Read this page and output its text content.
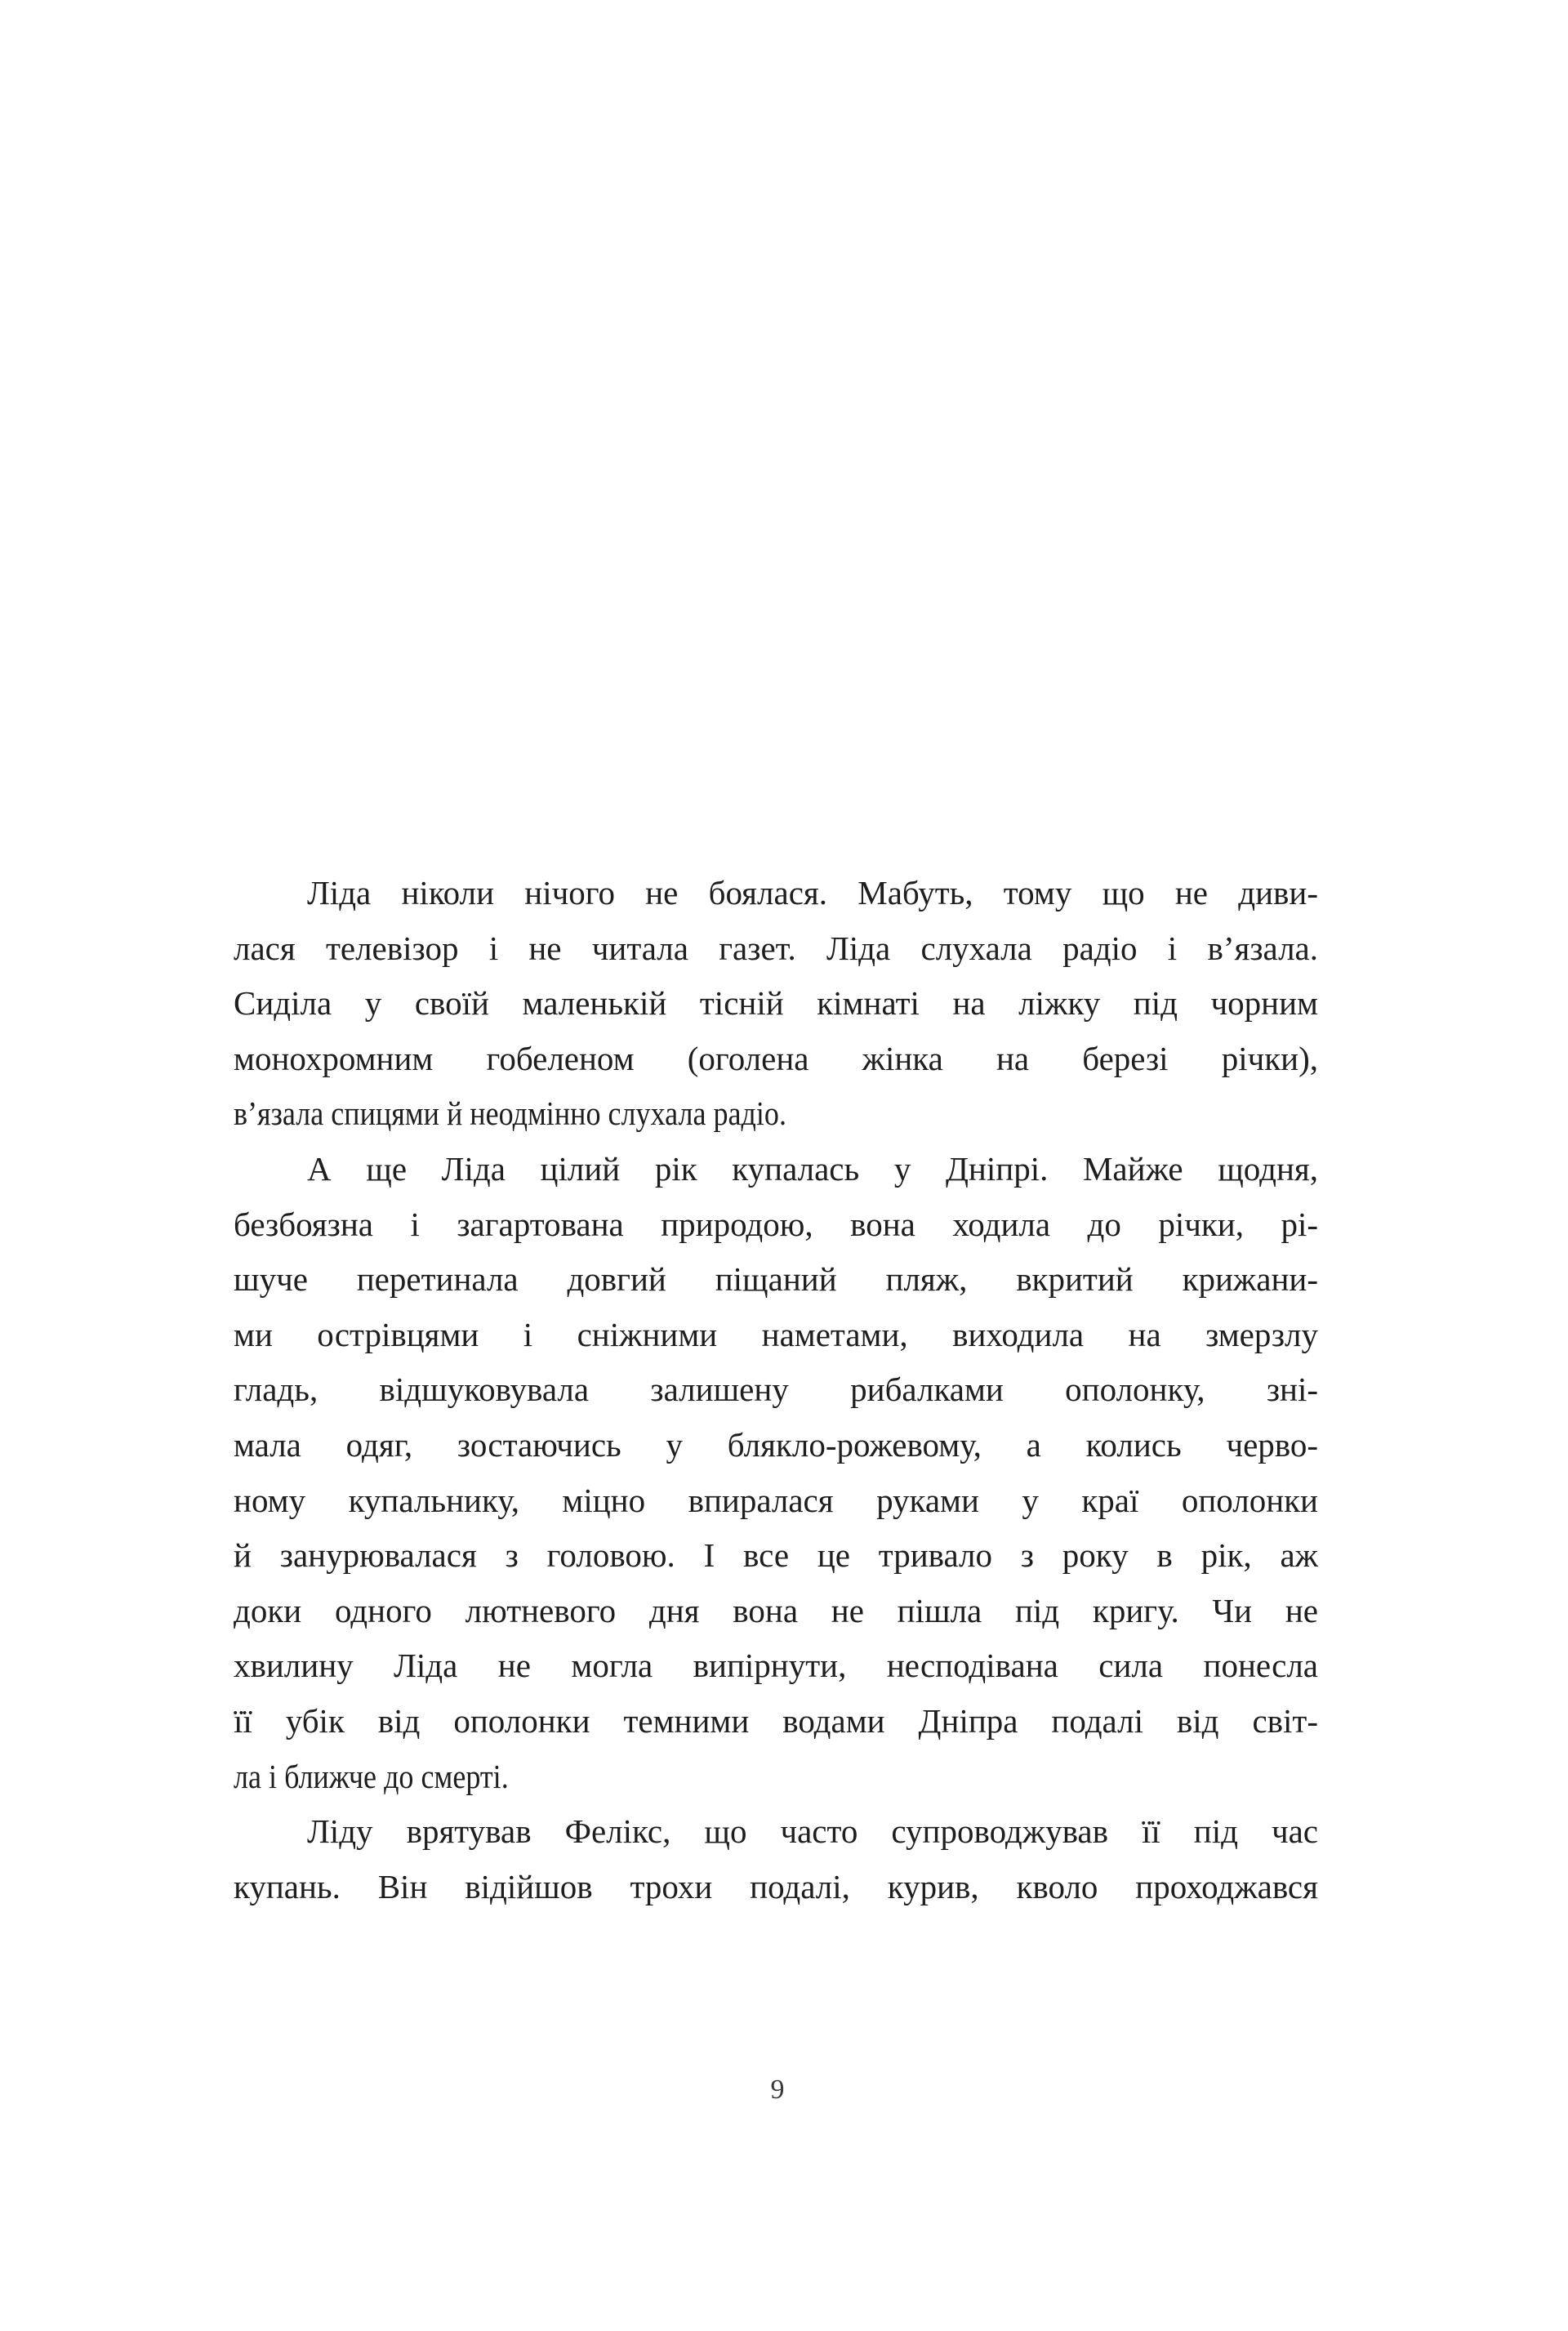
Ліда ніколи нічого не боялася. Мабуть, тому що не диви-
лася телевізор і не читала газет. Ліда слухала радіо і в’язала.
Сиділа у своїй маленькій тісній кімнаті на ліжку під чорним
монохромним гобеленом (оголена жінка на березі річки),
в’язала спицями й неодмінно слухала радіо.
А ще Ліда цілий рік купалась у Дніпрі. Майже щодня,
безбоязна і загартована природою, вона ходила до річки, рі-
шуче перетинала довгий піщаний пляж, вкритий крижани-
ми острівцями і сніжними наметами, виходила на змерзлу
гладь, відшуковувала залишену рибалками ополонку, зні-
мала одяг, зостаючись у блякло-рожевому, а колись черво-
ному купальнику, міцно впиралася руками у краї ополонки
й занурювалася з головою. І все це тривало з року в рік, аж
доки одного лютневого дня вона не пішла під кригу. Чи не
хвилину Ліда не могла випірнути, несподівана сила понесла
її убік від ополонки темними водами Дніпра подалі від світ-
ла і ближче до смерті.
Ліду врятував Фелікс, що часто супроводжував її під час
купань. Він відійшов трохи подалі, курив, кволо проходжався
9
